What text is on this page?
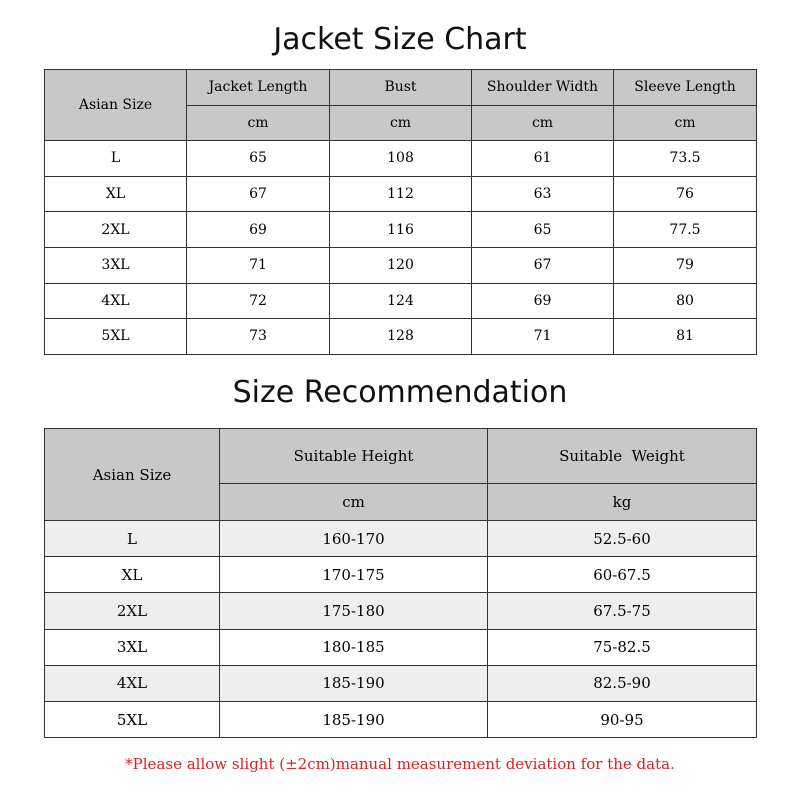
Jacket Size Chart
Asian Size	Jacket Length	Bust	Shoulder Width	Sleeve Length
	cm	cm	cm	cm
L	65	108	61	73.5
XL	67	112	63	76
2XL	69	116	65	77.5
3XL	71	120	67	79
4XL	72	124	69	80
5XL	73	128	71	81
Size Recommendation
Asian Size	Suitable Height	Suitable  Weight
	cm	kg
L	160-170	52.5-60
XL	170-175	60-67.5
2XL	175-180	67.5-75
3XL	180-185	75-82.5
4XL	185-190	82.5-90
5XL	185-190	90-95
*Please allow slight (±2cm)manual measurement deviation for the data.
